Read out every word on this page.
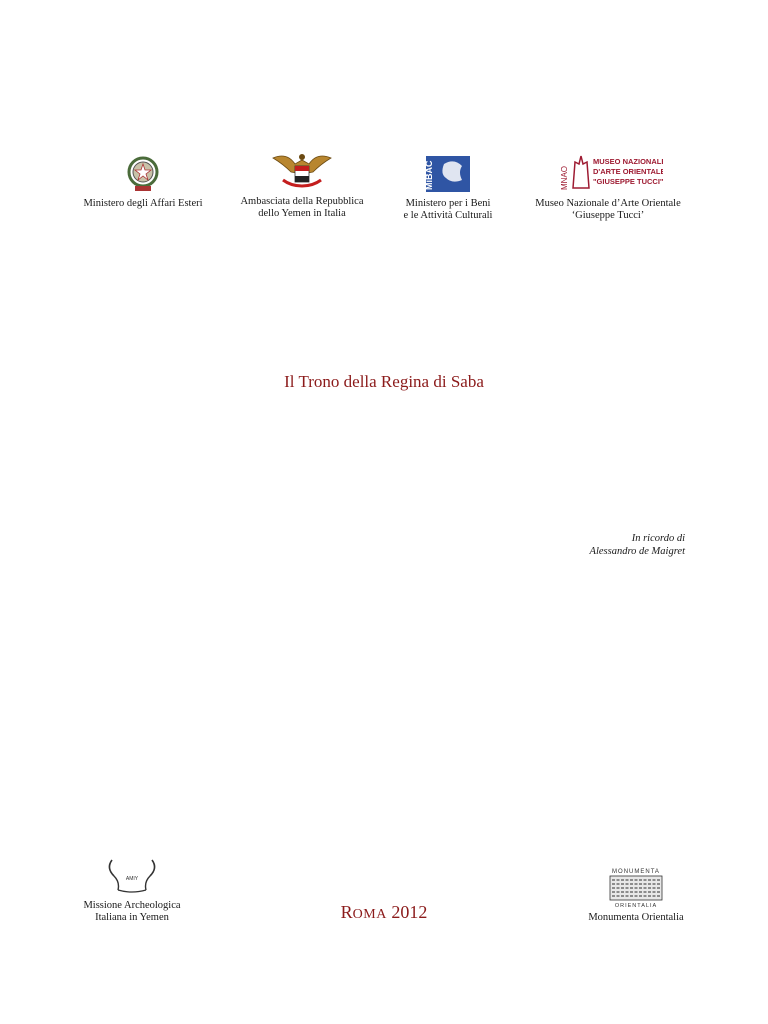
Ministero degli Affari Esteri	Ambasciata della Repubblica
dello Yemen in Italia
MiBAC
Ministero per i Beni
e le Attività Culturali
MNAO
MUSEO NAZIONALE
D'ARTE ORIENTALE
"GIUSEPPE TUCCI"
Museo Nazionale d’Arte Orientale
‘Giuseppe Tucci’
Il Trono della Regina di Saba
In ricordo di
Alessandro de Maigret
AMIY
Missione Archeologica
Italiana in Yemen	ROMA 2012
MONUMENTA
ORIENTALIA
Monumenta Orientalia
